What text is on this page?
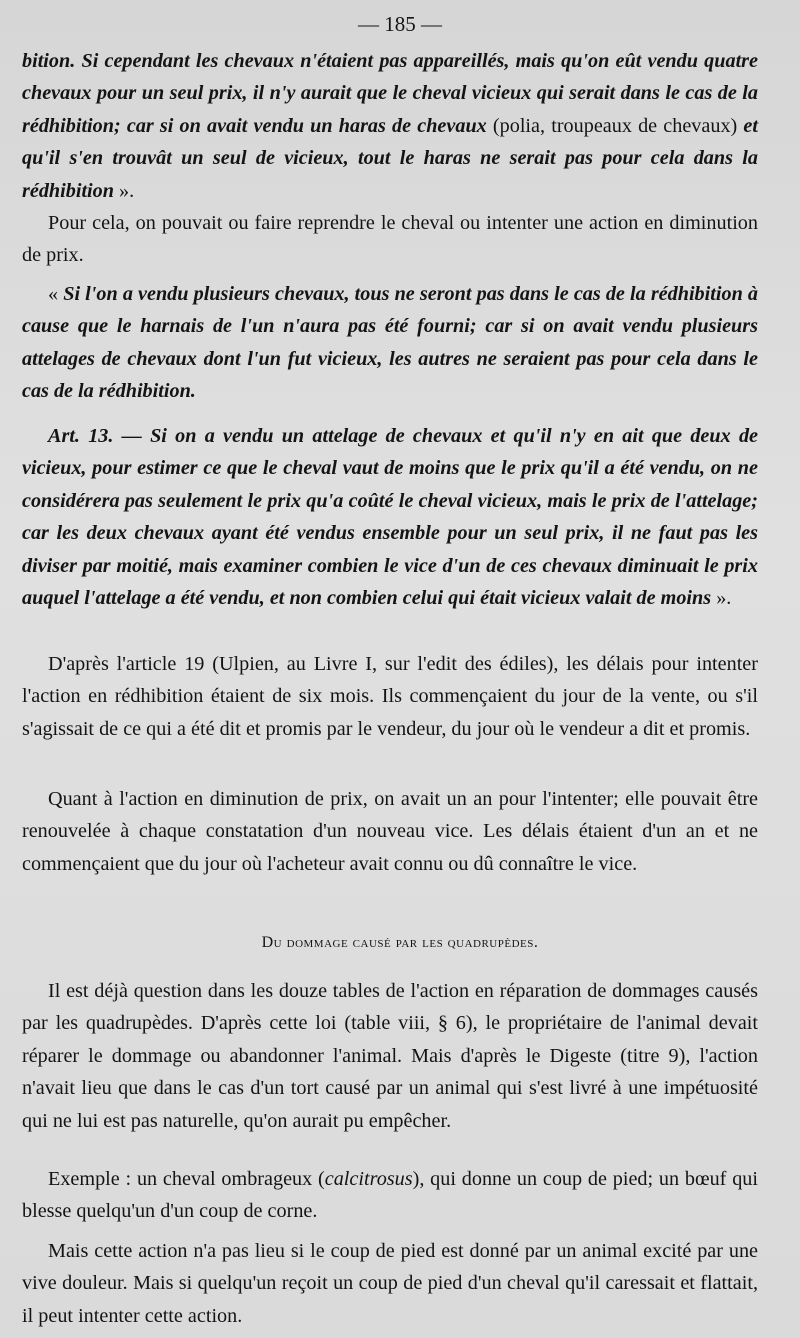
— 185 —
bition. Si cependant les chevaux n'étaient pas appareillés, mais qu'on eût vendu quatre chevaux pour un seul prix, il n'y aurait que le cheval vicieux qui serait dans le cas de la rédhibition; car si on avait vendu un haras de chevaux (polia, troupeaux de chevaux) et qu'il s'en trouvât un seul de vicieux, tout le haras ne serait pas pour cela dans la rédhibition ».
Pour cela, on pouvait ou faire reprendre le cheval ou intenter une action en diminution de prix.
« Si l'on a vendu plusieurs chevaux, tous ne seront pas dans le cas de la rédhibition à cause que le harnais de l'un n'aura pas été fourni; car si on avait vendu plusieurs attelages de chevaux dont l'un fut vicieux, les autres ne seraient pas pour cela dans le cas de la rédhibition.
Art. 13. — Si on a vendu un attelage de chevaux et qu'il n'y en ait que deux de vicieux, pour estimer ce que le cheval vaut de moins que le prix qu'il a été vendu, on ne considérera pas seulement le prix qu'a coûté le cheval vicieux, mais le prix de l'attelage; car les deux chevaux ayant été vendus ensemble pour un seul prix, il ne faut pas les diviser par moitié, mais examiner combien le vice d'un de ces chevaux diminuait le prix auquel l'attelage a été vendu, et non combien celui qui était vicieux valait de moins ».
D'après l'article 19 (Ulpien, au Livre I, sur l'edit des édiles), les délais pour intenter l'action en rédhibition étaient de six mois. Ils commençaient du jour de la vente, ou s'il s'agissait de ce qui a été dit et promis par le vendeur, du jour où le vendeur a dit et promis.
Quant à l'action en diminution de prix, on avait un an pour l'intenter; elle pouvait être renouvelée à chaque constatation d'un nouveau vice. Les délais étaient d'un an et ne commençaient que du jour où l'acheteur avait connu ou dû connaître le vice.
Du dommage causé par les quadrupèdes.
Il est déjà question dans les douze tables de l'action en réparation de dommages causés par les quadrupèdes. D'après cette loi (table viii, § 6), le propriétaire de l'animal devait réparer le dommage ou abandonner l'animal. Mais d'après le Digeste (titre 9), l'action n'avait lieu que dans le cas d'un tort causé par un animal qui s'est livré à une impétuosité qui ne lui est pas naturelle, qu'on aurait pu empêcher.
Exemple : un cheval ombrageux (calcitrosus), qui donne un coup de pied; un bœuf qui blesse quelqu'un d'un coup de corne.
Mais cette action n'a pas lieu si le coup de pied est donné par un animal excité par une vive douleur. Mais si quelqu'un reçoit un coup de pied d'un cheval qu'il caressait et flattait, il peut intenter cette action.
